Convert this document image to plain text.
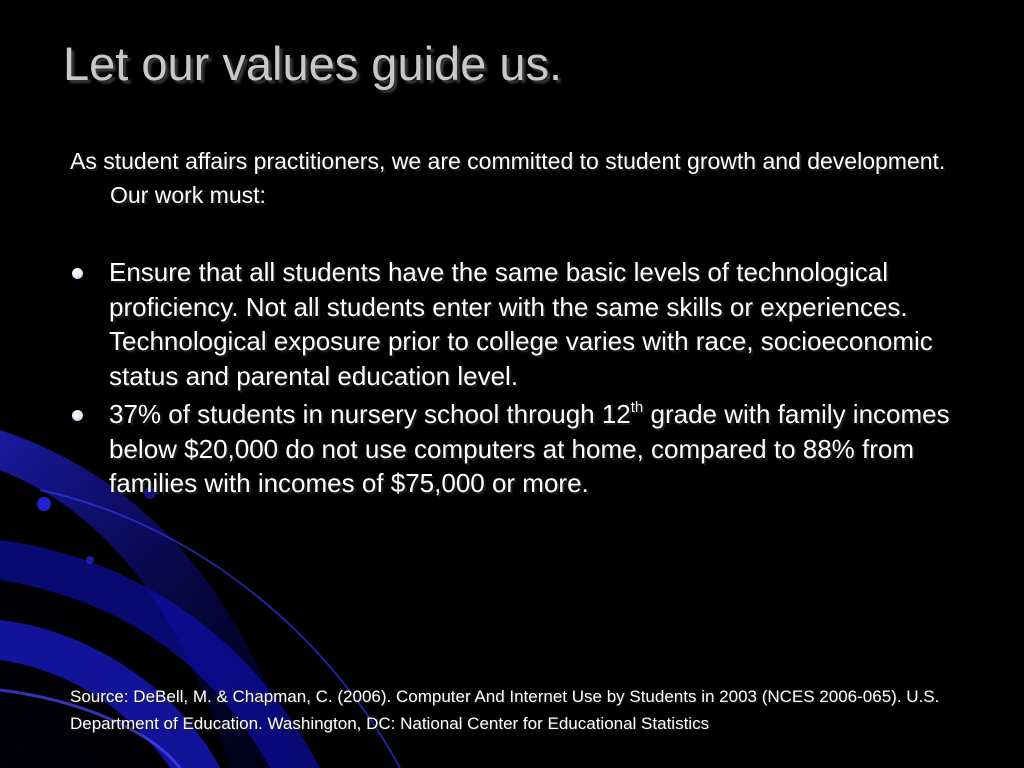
Let our values guide us.

As student affairs practitioners, we are committed to student growth and development. Our work must:

Ensure that all students have the same basic levels of technological proficiency. Not all students enter with the same skills or experiences. Technological exposure prior to college varies with race, socioeconomic status and parental education level.
37% of students in nursery school through 12th grade with family incomes below $20,000 do not use computers at home, compared to 88% from families with incomes of $75,000 or more.

Source: DeBell, M. & Chapman, C. (2006). Computer And Internet Use by Students in 2003 (NCES 2006-065). U.S. Department of Education. Washington, DC: National Center for Educational Statistics
